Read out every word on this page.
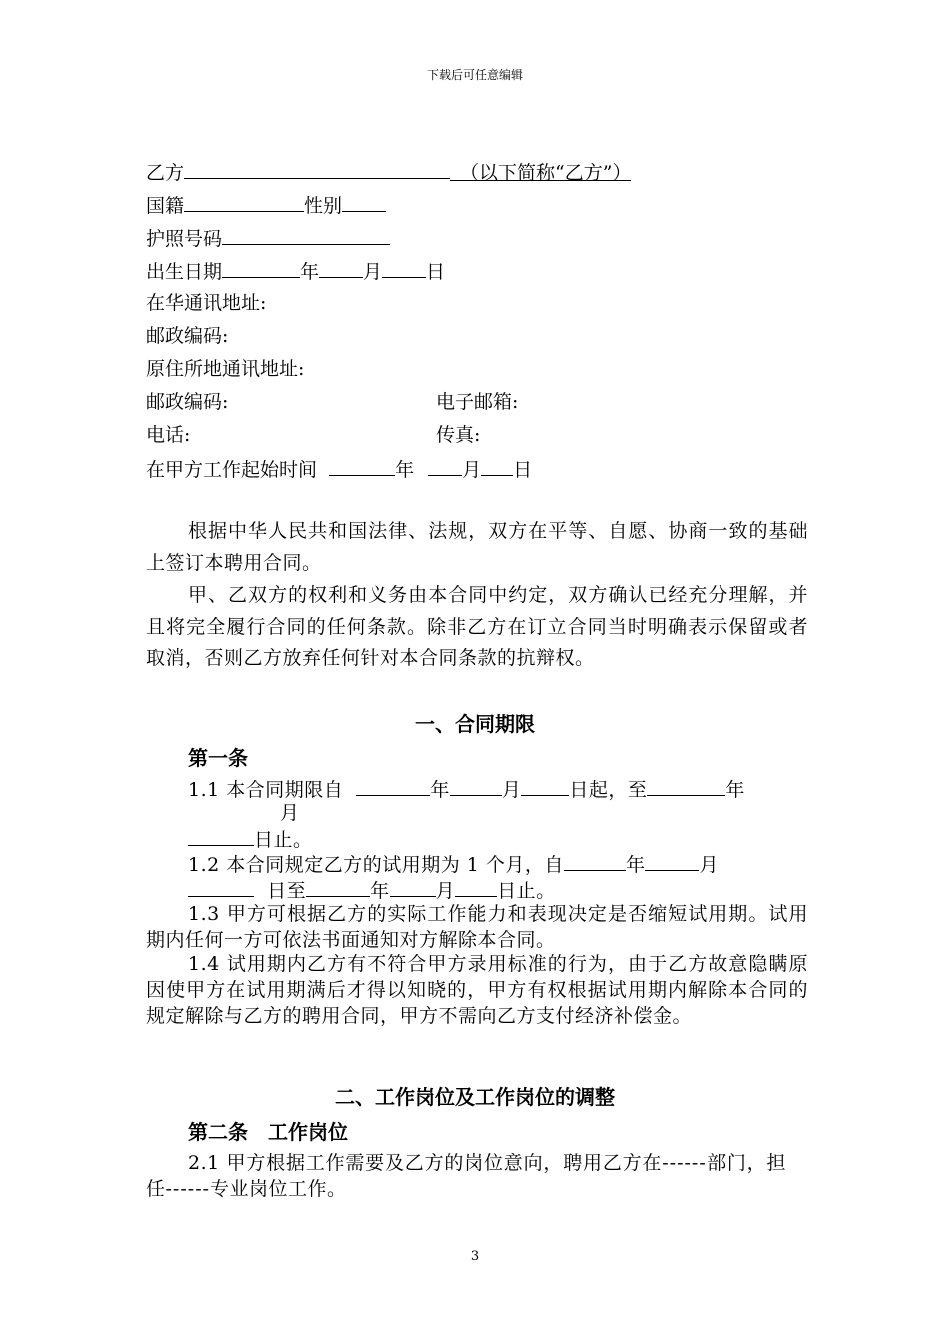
下载后可任意编辑
乙方	（以下简称“乙方”）
国籍	性别
护照号码
出生日期	年 月 日
在华通讯地址:
邮政编码:
原住所地通讯地址:
邮政编码:	电子邮箱:
电话:	传真:
在甲方工作起始时间	年	月 日
根据中华人民共和国法律、法规，双方在平等、自愿、协商一致的基础上签订本聘用合同。
甲、乙双方的权利和义务由本合同中约定，双方确认已经充分理解，并且将完全履行合同的任何条款。除非乙方在订立合同当时明确表示保留或者取消，否则乙方放弃任何针对本合同条款的抗辩权。
一、合同期限
第一条
1.1 本合同期限自	年	月	日起，至	年
月
日止。
1.2 本合同规定乙方的试用期为 1 个月，自	年	月
日至	年 月 日止。
1.3 甲方可根据乙方的实际工作能力和表现决定是否缩短试用期。试用期内任何一方可依法书面通知对方解除本合同。
1.4 试用期内乙方有不符合甲方录用标准的行为，由于乙方故意隐瞒原因使甲方在试用期满后才得以知晓的，甲方有权根据试用期内解除本合同的规定解除与乙方的聘用合同，甲方不需向乙方支付经济补偿金。
二、工作岗位及工作岗位的调整
第二条　工作岗位
2.1 甲方根据工作需要及乙方的岗位意向，聘用乙方在------部门，担任------专业岗位工作。
3
